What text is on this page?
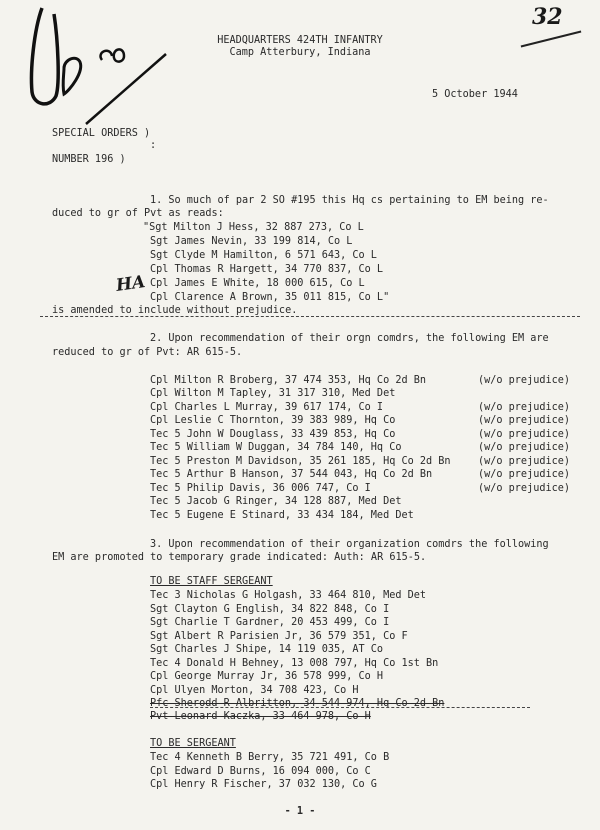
32
HEADQUARTERS 424TH INFANTRY
Camp Atterbury, Indiana
5 October 1944
SPECIAL ORDERS )
:
NUMBER 196 )
1. So much of par 2 SO #195 this Hq cs pertaining to EM being re-
duced to gr of Pvt as reads:
"Sgt Milton J Hess, 32 887 273, Co L
Sgt James Nevin, 33 199 814, Co L
Sgt Clyde M Hamilton, 6 571 643, Co L
Cpl Thomas R Hargett, 34 770 837, Co L
Cpl James E White, 18 000 615, Co L
Cpl Clarence A Brown, 35 011 815, Co L"
HA
is amended to include without prejudice.
2. Upon recommendation of their orgn comdrs, the following EM are
reduced to gr of Pvt: AR 615-5.
Cpl Milton R Broberg, 37 474 353, Hq Co 2d Bn	(w/o prejudice)
Cpl Wilton M Tapley, 31 317 310, Med Det
Cpl Charles L Murray, 39 617 174, Co I	(w/o prejudice)
Cpl Leslie C Thornton, 39 383 989, Hq Co	(w/o prejudice)
Tec 5 John W Douglass, 33 439 853, Hq Co	(w/o prejudice)
Tec 5 William W Duggan, 34 784 140, Hq Co	(w/o prejudice)
Tec 5 Preston M Davidson, 35 261 185, Hq Co 2d Bn	(w/o prejudice)
Tec 5 Arthur B Hanson, 37 544 043, Hq Co 2d Bn	(w/o prejudice)
Tec 5 Philip Davis, 36 006 747, Co I	(w/o prejudice)
Tec 5 Jacob G Ringer, 34 128 887, Med Det
Tec 5 Eugene E Stinard, 33 434 184, Med Det
3. Upon recommendation of their organization comdrs the following
EM are promoted to temporary grade indicated: Auth: AR 615-5.
TO BE STAFF SERGEANT
Tec 3 Nicholas G Holgash, 33 464 810, Med Det
Sgt Clayton G English, 34 822 848, Co I
Sgt Charlie T Gardner, 20 453 499, Co I
Sgt Albert R Parisien Jr, 36 579 351, Co F
Sgt Charles J Shipe, 14 119 035, AT Co
Tec 4 Donald H Behney, 13 008 797, Hq Co 1st Bn
Cpl George Murray Jr, 36 578 999, Co H
Cpl Ulyen Morton, 34 708 423, Co H
Pfc Sherodd R Albritton, 34 544 974, Hq Co 2d Bn
Pvt Leonard Kaczka, 33 464 978, Co H
TO BE SERGEANT
Tec 4 Kenneth B Berry, 35 721 491, Co B
Cpl Edward D Burns, 16 094 000, Co C
Cpl Henry R Fischer, 37 032 130, Co G
- 1 -
